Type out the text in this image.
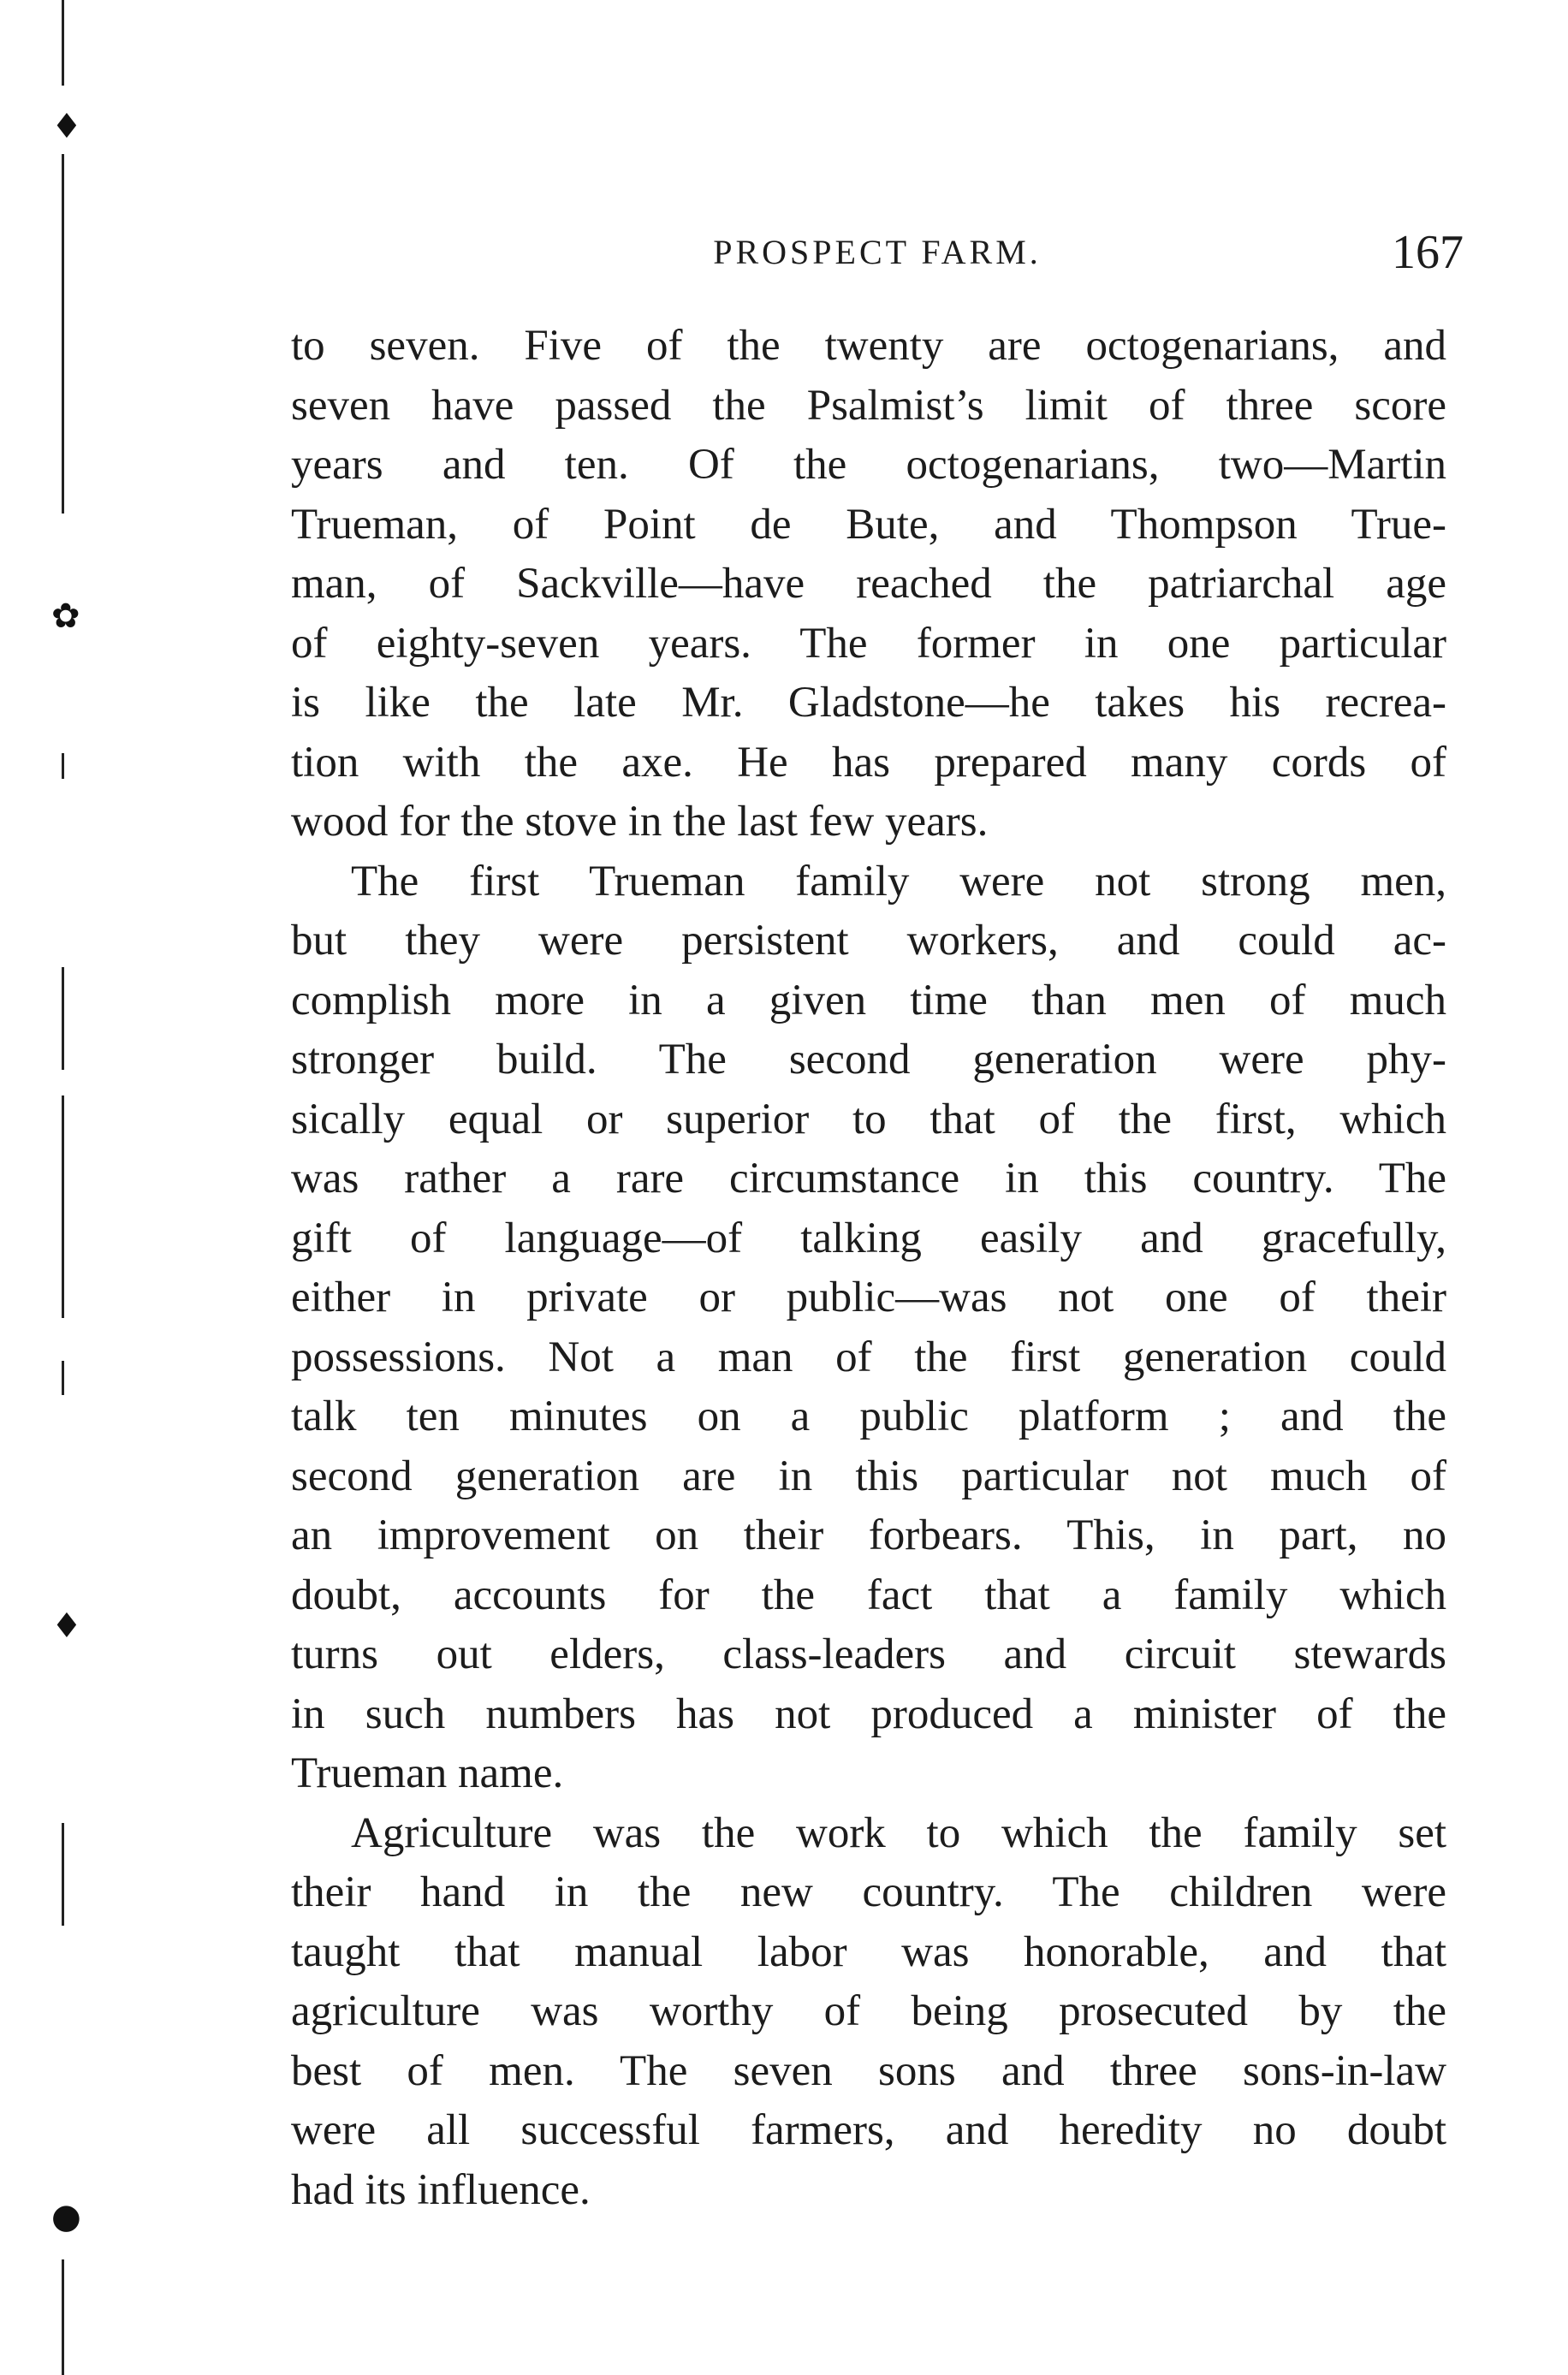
♦
✿
♦
●
PROSPECT FARM.	167
to seven. Five of the twenty are octogenarians, and
seven have passed the Psalmist’s limit of three score
years and ten. Of the octogenarians, two—Martin
Trueman, of Point de Bute, and Thompson True-
man, of Sackville—have reached the patriarchal age
of eighty-seven years. The former in one particular
is like the late Mr. Gladstone—he takes his recrea-
tion with the axe. He has prepared many cords of
wood for the stove in the last few years.
The first Trueman family were not strong men,
but they were persistent workers, and could ac-
complish more in a given time than men of much
stronger build. The second generation were phy-
sically equal or superior to that of the first, which
was rather a rare circumstance in this country. The
gift of language—of talking easily and gracefully,
either in private or public—was not one of their
possessions. Not a man of the first generation could
talk ten minutes on a public platform ; and the
second generation are in this particular not much of
an improvement on their forbears. This, in part, no
doubt, accounts for the fact that a family which
turns out elders, class-leaders and circuit stewards
in such numbers has not produced a minister of the
Trueman name.
Agriculture was the work to which the family set
their hand in the new country. The children were
taught that manual labor was honorable, and that
agriculture was worthy of being prosecuted by the
best of men. The seven sons and three sons-in-law
were all successful farmers, and heredity no doubt
had its influence.
